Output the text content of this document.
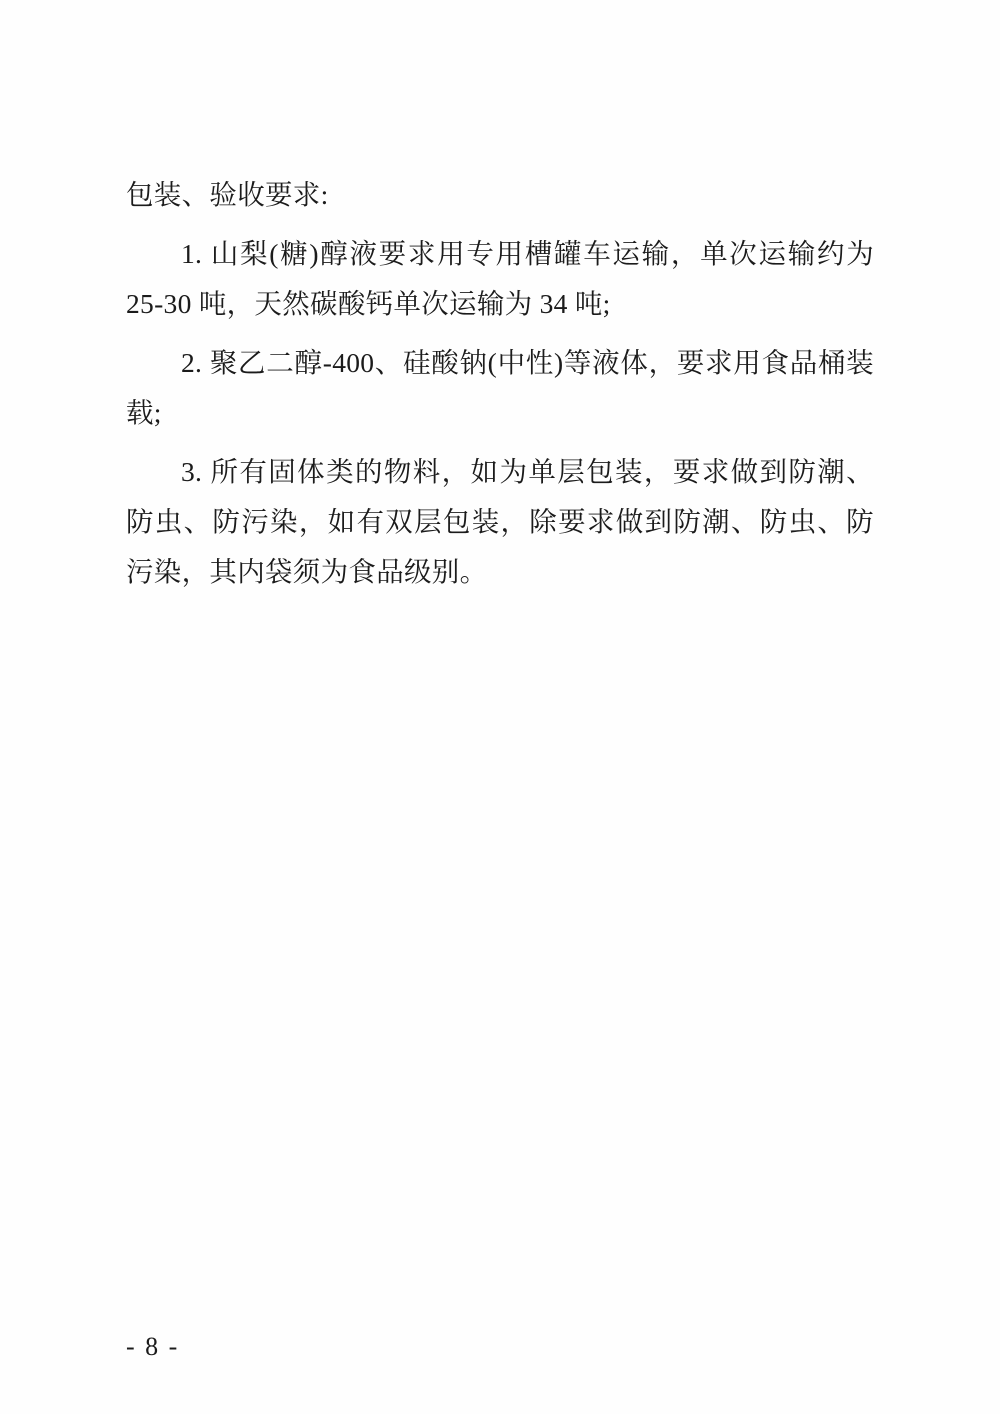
包装、验收要求:

1. 山梨(糖)醇液要求用专用槽罐车运输，单次运输约为 25-30 吨，天然碳酸钙单次运输为 34 吨;

2. 聚乙二醇-400、硅酸钠(中性)等液体，要求用食品桶装载;

3. 所有固体类的物料，如为单层包装，要求做到防潮、防虫、防污染，如有双层包装，除要求做到防潮、防虫、防污染，其内袋须为食品级别。

- 8 -
